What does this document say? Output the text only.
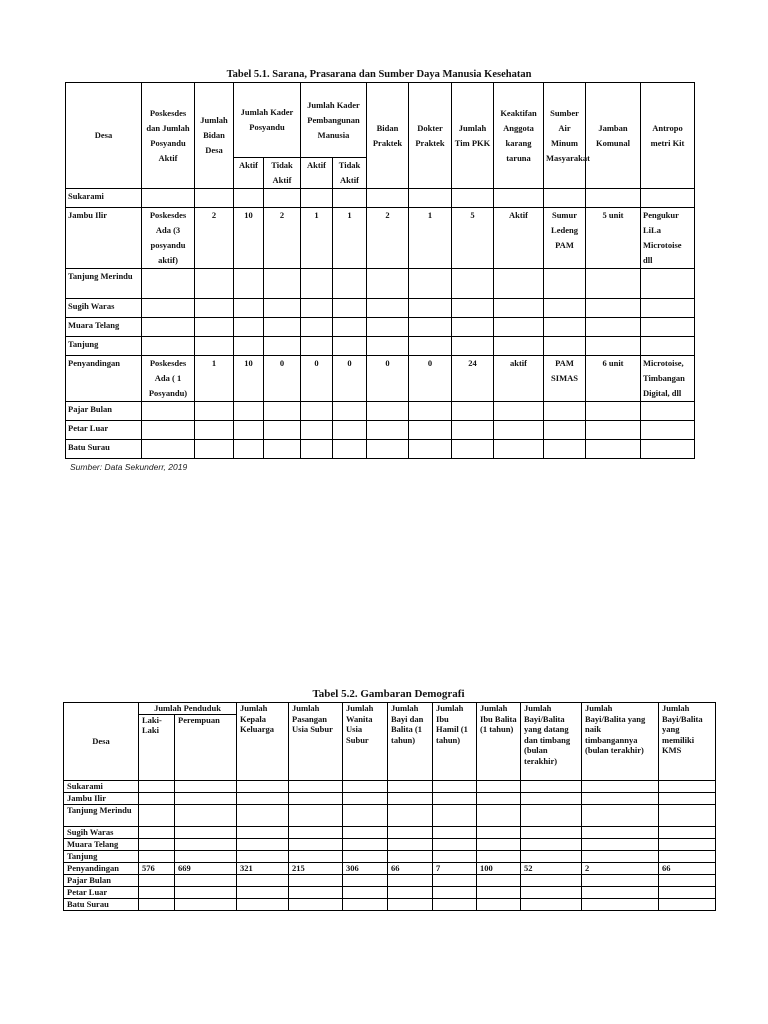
Tabel 5.1. Sarana, Prasarana dan Sumber Daya Manusia Kesehatan
Desa	Poskesdes dan Jumlah Posyandu Aktif	Jumlah Bidan Desa	Jumlah Kader Posyandu		Jumlah Kader Pembangunan Manusia		Bidan Praktek	Dokter Praktek	Jumlah Tim PKK	Keaktifan Anggota karang taruna	Sumber Air Minum Masyarakat	Jamban Komunal	Antropo metri Kit
			Aktif	Tidak Aktif	Aktif	Tidak Aktif							
Sukarami													
Jambu Ilir	Poskesdes Ada (3 posyandu aktif)	2	10	2	1	1	2	1	5	Aktif	Sumur Ledeng PAM	5 unit	Pengukur LiLa Microtoise dll
Tanjung Merindu													
Sugih Waras													
Muara Telang													
Tanjung													
Penyandingan	Poskesdes Ada ( 1 Posyandu)	1	10	0	0	0	0	0	24	aktif	PAM SIMAS	6 unit	Microtoise, Timbangan Digital, dll
Pajar Bulan													
Petar Luar													
Batu Surau													
Sumber: Data Sekunderr, 2019
Tabel 5.2. Gambaran Demografi
Desa	Jumlah Penduduk		Jumlah Kepala Keluarga	Jumlah Pasangan Usia Subur	Jumlah Wanita Usia Subur	Jumlah Bayi dan Balita (1 tahun)	Jumlah Ibu Hamil (1 tahun)	Jumlah Ibu Balita (1 tahun)	Jumlah Bayi/Balita yang datang dan timbang (bulan terakhir)	Jumlah Bayi/Balita yang naik timbangannya (bulan terakhir)	Jumlah Bayi/Balita yang memiliki KMS
	Laki-Laki	Perempuan									
Sukarami											
Jambu Ilir											
Tanjung Merindu											
Sugih Waras											
Muara Telang											
Tanjung											
Penyandingan	576	669	321	215	306	66	7	100	52	2	66
Pajar Bulan											
Petar Luar											
Batu Surau											
